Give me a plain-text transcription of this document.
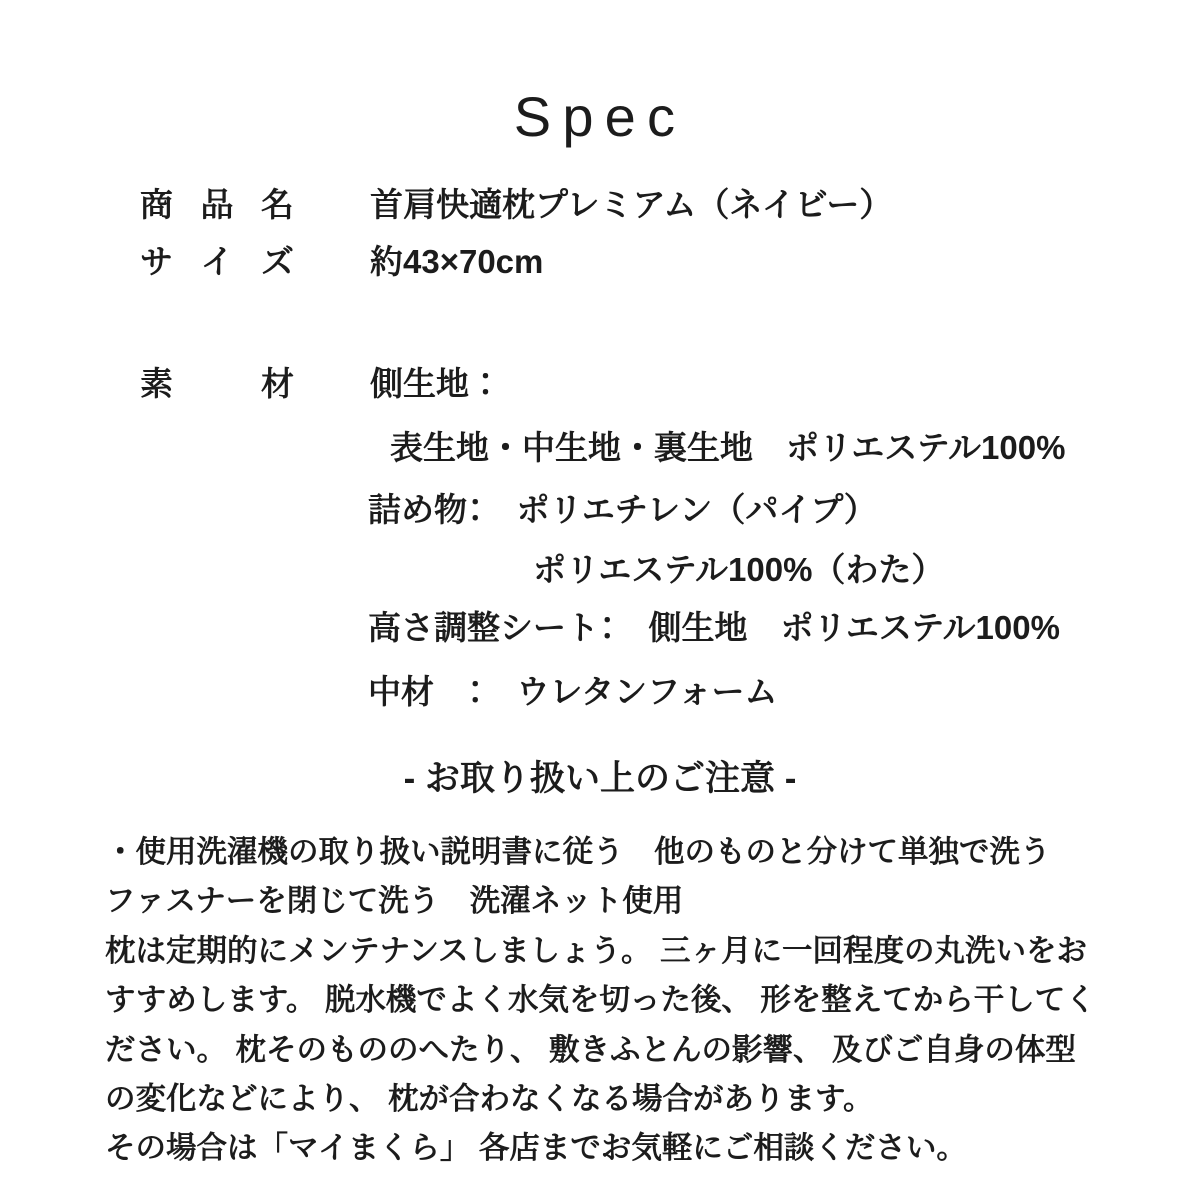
Spec
商 品 名 首肩快適枕プレミアム（ネイビー）
サ イ ズ 約43×70cm
素 材 側生地：
表生地・中生地・裏生地　ポリエステル100%
詰め物：　ポリエチレン（パイプ）
ポリエステル100%（わた）
高さ調整シート：　側生地　ポリエステル100%
中材　：　ウレタンフォーム
- お取り扱い上のご注意 -
・使用洗濯機の取り扱い説明書に従う　他のものと分けて単独で洗う
ファスナーを閉じて洗う　洗濯ネット使用
枕は定期的にメンテナンスしましょう。 三ヶ月に一回程度の丸洗いをお
すすめします。 脱水機でよく水気を切った後、 形を整えてから干してく
ださい。 枕そのもののへたり、 敷きふとんの影響、 及びご自身の体型
の変化などにより、 枕が合わなくなる場合があります。
その場合は「マイまくら」 各店までお気軽にご相談ください。
